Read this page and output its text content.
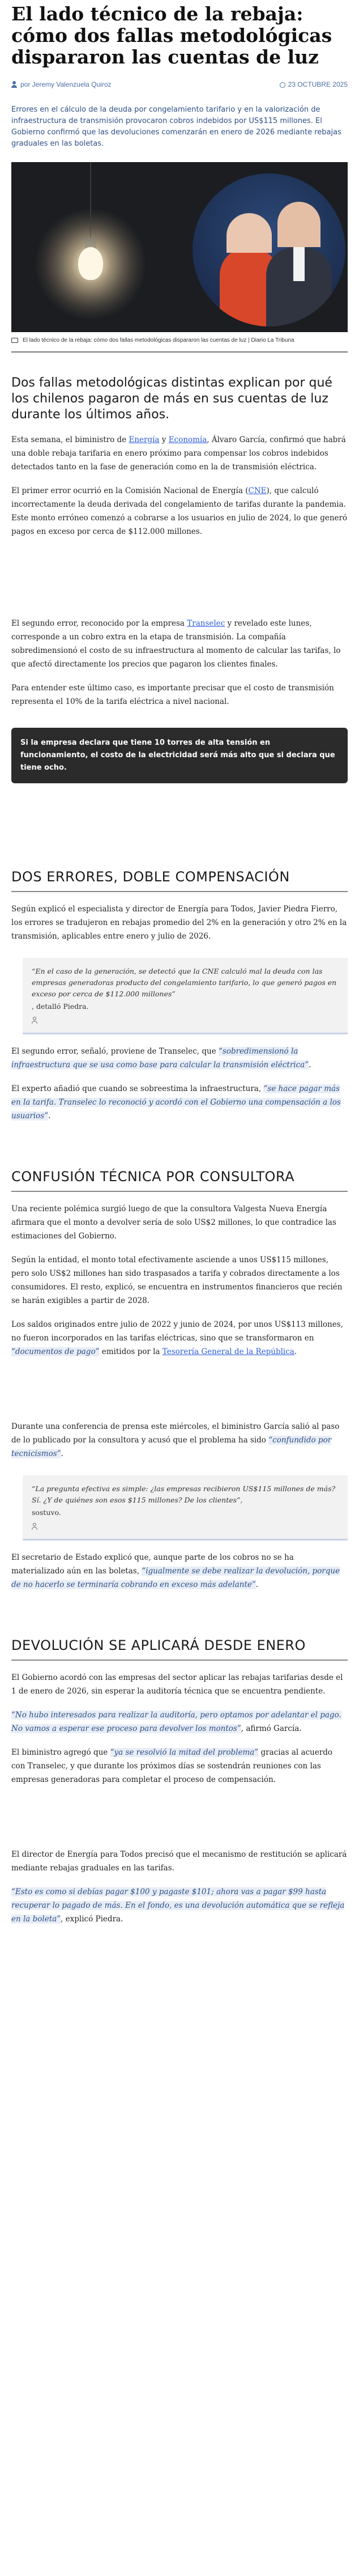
El lado técnico de la rebaja: cómo dos fallas metodológicas dispararon las cuentas de luz
por Jeremy Valenzuela Quiroz	23 OCTUBRE 2025
Errores en el cálculo de la deuda por congelamiento tarifario y en la valorización de infraestructura de transmisión provocaron cobros indebidos por US$115 millones. El Gobierno confirmó que las devoluciones comenzarán en enero de 2026 mediante rebajas graduales en las boletas.
El lado técnico de la rebaja: cómo dos fallas metodológicas dispararon las cuentas de luz | Diario La Tribuna
Dos fallas metodológicas distintas explican por qué los chilenos pagaron de más en sus cuentas de luz durante los últimos años.

Esta semana, el biministro de Energía y Economía, Álvaro García, confirmó que habrá una doble rebaja tarifaria en enero próximo para compensar los cobros indebidos detectados tanto en la fase de generación como en la de transmisión eléctrica.

El primer error ocurrió en la Comisión Nacional de Energía (CNE), que calculó incorrectamente la deuda derivada del congelamiento de tarifas durante la pandemia. Este monto erróneo comenzó a cobrarse a los usuarios en julio de 2024, lo que generó pagos en exceso por cerca de $112.000 millones.

El segundo error, reconocido por la empresa Transelec y revelado este lunes, corresponde a un cobro extra en la etapa de transmisión. La compañía sobredimensionó el costo de su infraestructura al momento de calcular las tarifas, lo que afectó directamente los precios que pagaron los clientes finales.

Para entender este último caso, es importante precisar que el costo de transmisión representa el 10% de la tarifa eléctrica a nivel nacional.

Si la empresa declara que tiene 10 torres de alta tensión en funcionamiento, el costo de la electricidad será más alto que si declara que tiene ocho.
DOS ERRORES, DOBLE COMPENSACIÓN

Según explicó el especialista y director de Energía para Todos, Javier Piedra Fierro, los errores se tradujeron en rebajas promedio del 2% en la generación y otro 2% en la transmisión, aplicables entre enero y julio de 2026.

“En el caso de la generación, se detectó que la CNE calculó mal la deuda con las empresas generadoras producto del congelamiento tarifario, lo que generó pagos en exceso por cerca de $112.000 millones”
, detalló Piedra.

El segundo error, señaló, proviene de Transelec, que “sobredimensionó la infraestructura que se usa como base para calcular la transmisión eléctrica”.

El experto añadió que cuando se sobreestima la infraestructura, “se hace pagar más en la tarifa. Transelec lo reconoció y acordó con el Gobierno una compensación a los usuarios”.

CONFUSIÓN TÉCNICA POR CONSULTORA

Una reciente polémica surgió luego de que la consultora Valgesta Nueva Energía afirmara que el monto a devolver sería de solo US$2 millones, lo que contradice las estimaciones del Gobierno.

Según la entidad, el monto total efectivamente asciende a unos US$115 millones, pero solo US$2 millones han sido traspasados a tarifa y cobrados directamente a los consumidores. El resto, explicó, se encuentra en instrumentos financieros que recién se harán exigibles a partir de 2028.

Los saldos originados entre julio de 2022 y junio de 2024, por unos US$113 millones, no fueron incorporados en las tarifas eléctricas, sino que se transformaron en “documentos de pago” emitidos por la Tesorería General de la República.

Durante una conferencia de prensa este miércoles, el biministro García salió al paso de lo publicado por la consultora y acusó que el problema ha sido “confundido por tecnicismos”.

“La pregunta efectiva es simple: ¿las empresas recibieron US$115 millones de más? Sí. ¿Y de quiénes son esos $115 millones? De los clientes”,
sostuvo.

El secretario de Estado explicó que, aunque parte de los cobros no se ha materializado aún en las boletas, “igualmente se debe realizar la devolución, porque de no hacerlo se terminaría cobrando en exceso más adelante”.

DEVOLUCIÓN SE APLICARÁ DESDE ENERO

El Gobierno acordó con las empresas del sector aplicar las rebajas tarifarias desde el 1 de enero de 2026, sin esperar la auditoría técnica que se encuentra pendiente.

“No hubo interesados para realizar la auditoría, pero optamos por adelantar el pago. No vamos a esperar ese proceso para devolver los montos”, afirmó García.

El biministro agregó que “ya se resolvió la mitad del problema” gracias al acuerdo con Transelec, y que durante los próximos días se sostendrán reuniones con las empresas generadoras para completar el proceso de compensación.

El director de Energía para Todos precisó que el mecanismo de restitución se aplicará mediante rebajas graduales en las tarifas.

“Esto es como si debías pagar $100 y pagaste $101; ahora vas a pagar $99 hasta recuperar lo pagado de más. En el fondo, es una devolución automática que se refleja en la boleta”, explicó Piedra.
